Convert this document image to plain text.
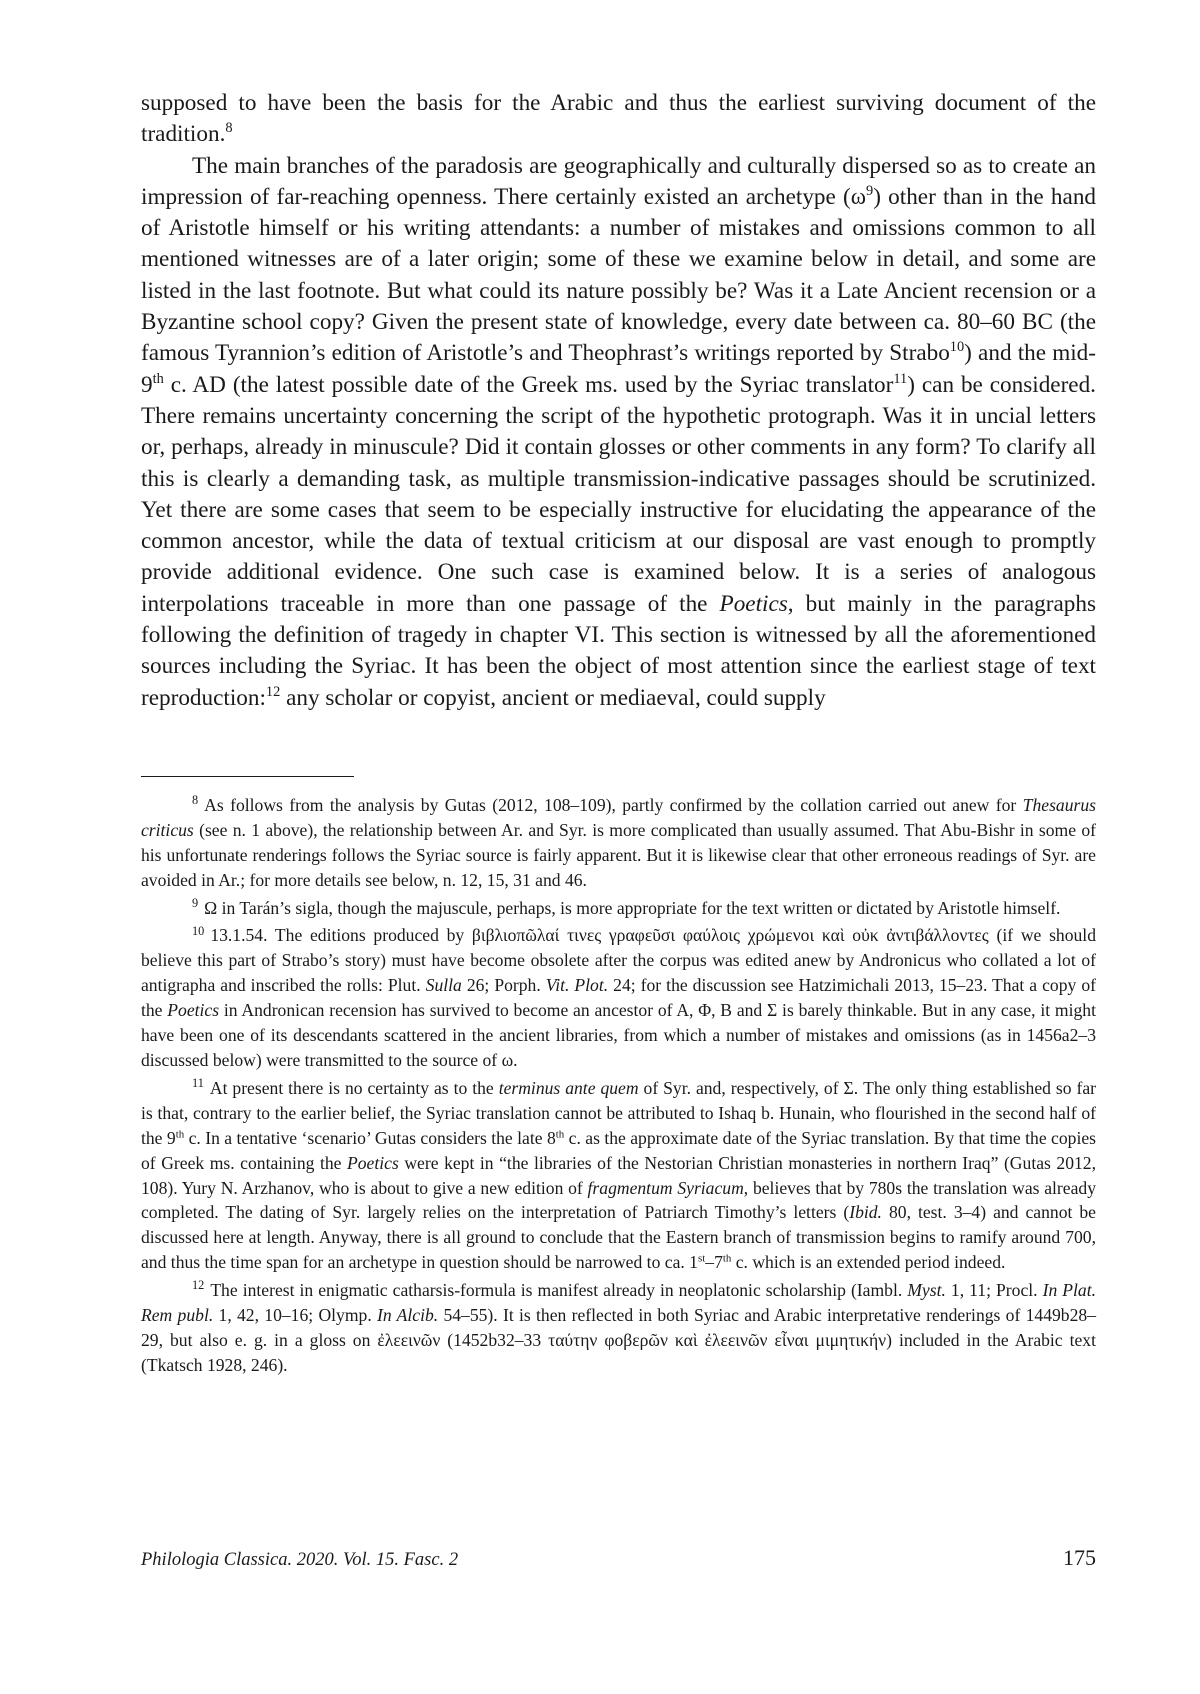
supposed to have been the basis for the Arabic and thus the earliest surviving document of the tradition.$^8$

The main branches of the paradosis are geographically and culturally dispersed so as to create an impression of far-reaching openness. There certainly existed an archetype $(\omega^9)$ other than in the hand of Aristotle himself or his writing attendants: a number of mistakes and omissions common to all mentioned witnesses are of a later origin; some of these we examine below in detail, and some are listed in the last footnote. But what could its nature possibly be? Was it a Late Ancient recension or a Byzantine school copy? Given the present state of knowledge, every date between ca. 80–60 BC (the famous Tyrannion’s edition of Aristotle’s and Theophrast’s writings reported by Strabo$^{10}$) and the mid-9th c. AD (the latest possible date of the Greek ms. used by the Syriac translator$^{11}$) can be considered. There remains uncertainty concerning the script of the hypothetic protograph. Was it in uncial letters or, perhaps, already in minuscule? Did it contain glosses or other comments in any form? To clarify all this is clearly a demanding task, as multiple transmission-indicative passages should be scrutinized. Yet there are some cases that seem to be especially instructive for elucidating the appearance of the common ancestor, while the data of textual criticism at our disposal are vast enough to promptly provide additional evidence. One such case is examined below. It is a series of analogous interpolations traceable in more than one passage of the Poetics, but mainly in the paragraphs following the definition of tragedy in chapter VI. This section is witnessed by all the aforementioned sources including the Syriac. It has been the object of most attention since the earliest stage of text reproduction:$^{12}$ any scholar or copyist, ancient or mediaeval, could supply

$^8$ As follows from the analysis by Gutas (2012, 108–109), partly confirmed by the collation carried out anew for Thesaurus criticus (see n. 1 above), the relationship between Ar. and Syr. is more complicated than usually assumed. That Abu-Bishr in some of his unfortunate renderings follows the Syriac source is fairly apparent. But it is likewise clear that other erroneous readings of Syr. are avoided in Ar.; for more details see below, n. 12, 15, 31 and 46.

$^9$ Ω in Tarán’s sigla, though the majuscule, perhaps, is more appropriate for the text written or dictated by Aristotle himself.

$^{10}$ 13.1.54. The editions produced by βιβλιοπῶλαί τινες γραφεῦσι φαύλοις χρώμενοι καὶ οὐκ ἀντιβάλλοντες (if we should believe this part of Strabo’s story) must have become obsolete after the corpus was edited anew by Andronicus who collated a lot of antigrapha and inscribed the rolls: Plut. Sulla 26; Porph. Vit. Plot. 24; for the discussion see Hatzimichali 2013, 15–23. That a copy of the Poetics in Andronican recension has survived to become an ancestor of A, Φ, B and Σ is barely thinkable. But in any case, it might have been one of its descendants scattered in the ancient libraries, from which a number of mistakes and omissions (as in 1456a2–3 discussed below) were transmitted to the source of ω.

$^{11}$ At present there is no certainty as to the terminus ante quem of Syr. and, respectively, of Σ. The only thing established so far is that, contrary to the earlier belief, the Syriac translation cannot be attributed to Ishaq b. Hunain, who flourished in the second half of the 9th c. In a tentative ‘scenario’ Gutas considers the late 8th c. as the approximate date of the Syriac translation. By that time the copies of Greek ms. containing the Poetics were kept in “the libraries of the Nestorian Christian monasteries in northern Iraq” (Gutas 2012, 108). Yury N. Arzhanov, who is about to give a new edition of fragmentum Syriacum, believes that by 780s the translation was already completed. The dating of Syr. largely relies on the interpretation of Patriarch Timothy’s letters (Ibid. 80, test. 3–4) and cannot be discussed here at length. Anyway, there is all ground to conclude that the Eastern branch of transmission begins to ramify around 700, and thus the time span for an archetype in question should be narrowed to ca. 1st–7th c. which is an extended period indeed.

$^{12}$ The interest in enigmatic catharsis-formula is manifest already in neoplatonic scholarship (Iambl. Myst. 1, 11; Procl. In Plat. Rem publ. 1, 42, 10–16; Olymp. In Alcib. 54–55). It is then reflected in both Syriac and Arabic interpretative renderings of 1449b28–29, but also e. g. in a gloss on ἐλεεινῶν (1452b32–33 ταύτην φοβερῶν καὶ ἐλεεινῶν εἶναι μιμητικήν) included in the Arabic text (Tkatsch 1928, 246).

Philologia Classica. 2020. Vol. 15. Fasc. 2	175
